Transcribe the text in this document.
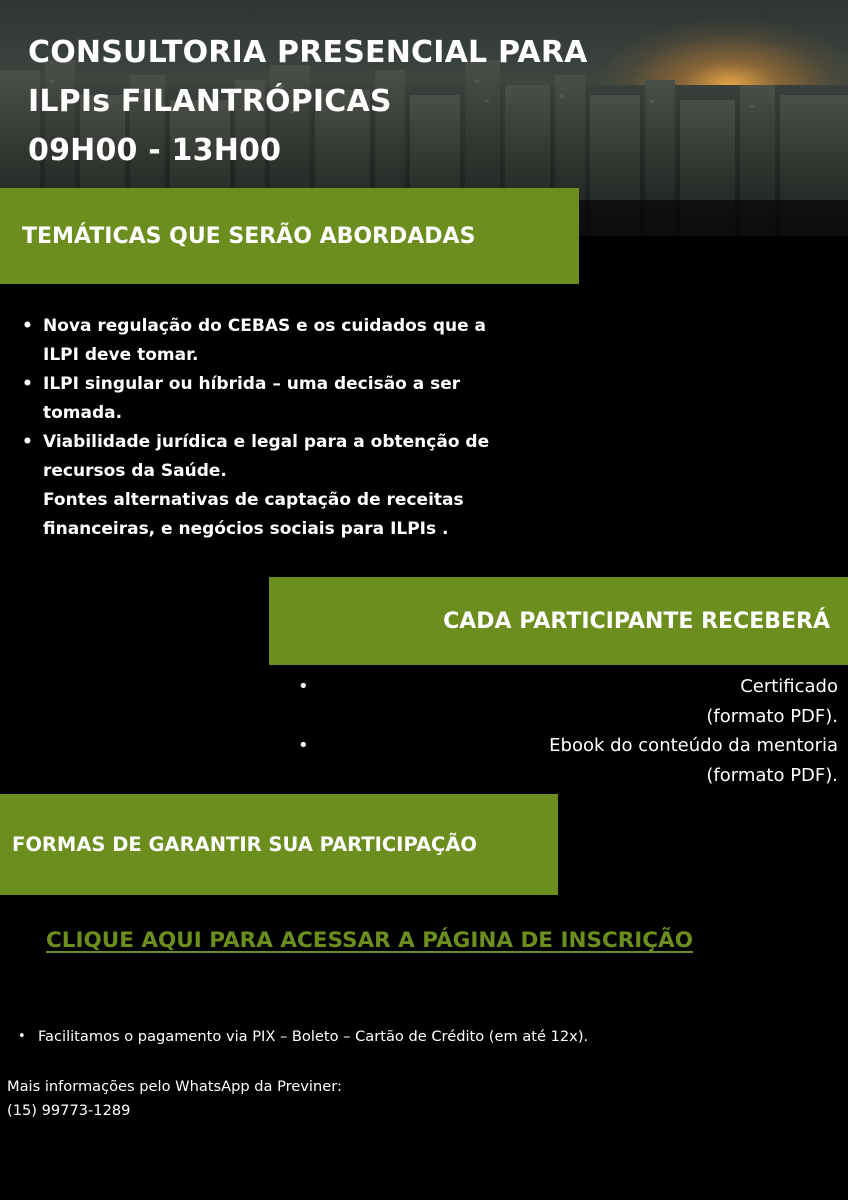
CONSULTORIA PRESENCIAL PARA
ILPIs FILANTRÓPICAS
09H00 - 13H00
TEMÁTICAS QUE SERÃO ABORDADAS
• Nova regulação do CEBAS e os cuidados que a
ILPI deve tomar.
• ILPI singular ou híbrida – uma decisão a ser
tomada.
• Viabilidade jurídica e legal para a obtenção de
recursos da Saúde.
Fontes alternativas de captação de receitas
financeiras, e negócios sociais para ILPIs .
CADA PARTICIPANTE RECEBERÁ
•	Certificado
(formato PDF).
•	Ebook do conteúdo da mentoria
(formato PDF).
FORMAS DE GARANTIR SUA PARTICIPAÇÃO
CLIQUE AQUI PARA ACESSAR A PÁGINA DE INSCRIÇÃO
• Facilitamos o pagamento via PIX – Boleto – Cartão de Crédito (em até 12x).
Mais informações pelo WhatsApp da Previner:
(15) 99773-1289
